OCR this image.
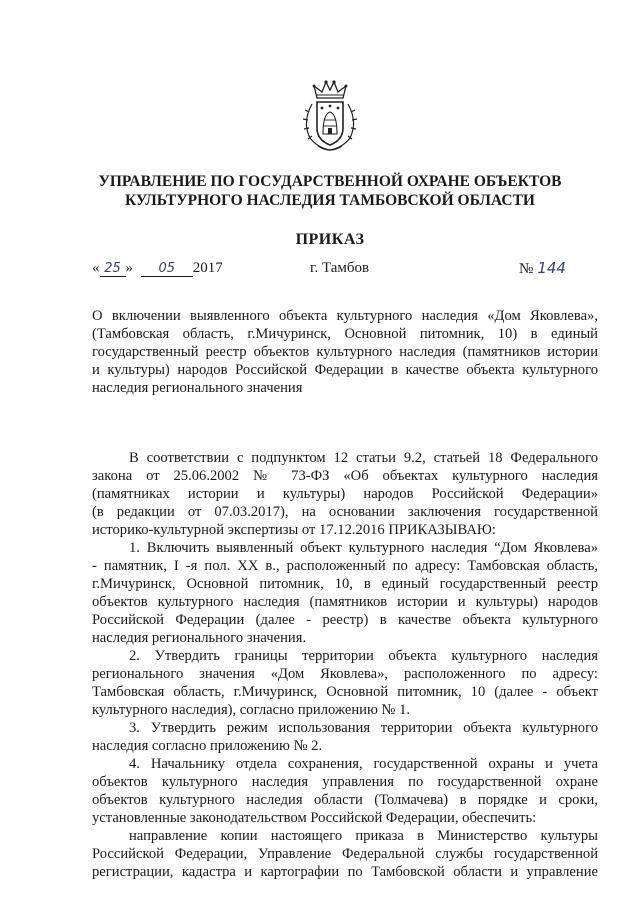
УПРАВЛЕНИЕ ПО ГОСУДАРСТВЕННОЙ ОХРАНЕ ОБЪЕКТОВ
КУЛЬТУРНОГО НАСЛЕДИЯ ТАМБОВСКОЙ ОБЛАСТИ
ПРИКАЗ
« 25 » 05 2017	г. Тамбов	№ 144
О включении выявленного объекта культурного наследия «Дом Яковлева»,
(Тамбовская область, г.Мичуринск, Основной питомник, 10) в единый
государственный реестр объектов культурного наследия (памятников истории
и культуры) народов Российской Федерации в качестве объекта культурного
наследия регионального значения
В соответствии с подпунктом 12 статьи 9.2, статьей 18 Федерального
закона от 25.06.2002 № 73-ФЗ «Об объектах культурного наследия
(памятниках истории и культуры) народов Российской Федерации»
(в редакции от 07.03.2017), на основании заключения государственной
историко-культурной экспертизы от 17.12.2016 ПРИКАЗЫВАЮ:
1. Включить выявленный объект культурного наследия “Дом Яковлева»
- памятник, I -я пол. XX в., расположенный по адресу: Тамбовская область,
г.Мичуринск, Основной питомник, 10, в единый государственный реестр
объектов культурного наследия (памятников истории и культуры) народов
Российской Федерации (далее - реестр) в качестве объекта культурного
наследия регионального значения.
2. Утвердить границы территории объекта культурного наследия
регионального значения «Дом Яковлева», расположенного по адресу:
Тамбовская область, г.Мичуринск, Основной питомник, 10 (далее - объект
культурного наследия), согласно приложению № 1.
3. Утвердить режим использования территории объекта культурного
наследия согласно приложению № 2.
4. Начальнику отдела сохранения, государственной охраны и учета
объектов культурного наследия управления по государственной охране
объектов культурного наследия области (Толмачева) в порядке и сроки,
установленные законодательством Российской Федерации, обеспечить:
направление копии настоящего приказа в Министерство культуры
Российской Федерации, Управление Федеральной службы государственной
регистрации, кадастра и картографии по Тамбовской области и управление
